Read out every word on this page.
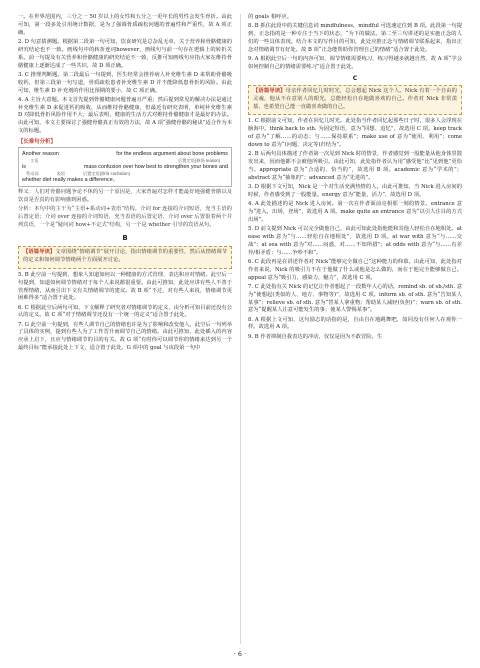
一。在世界范围内，三分之一 50 岁以上的女性和五分之一更年长的男性会发生骨折。由此可知，第一段多处引用统计数据，是为了强调骨质疏松问题的普遍性和严重性，故 A 项正确。

2. D 句意猜测题。根据第二段第一句可知，饮食研究是总杂乱无章，关于营养和骨骼健康的研究结论也不一致。画线句中的转折连词however，画线句与前一句存在逻辑上的转折关系。前一句提及有关营养和骨骼健康的研究结论不一致，反推可知画线句应指大家在维持骨骼健康上逐渐达成了一些共识，故 D 项正确。

3. C 推理判断题。第二段最后一句提到，医生经常会推荐病人补充维生素 D 来帮助骨骼吸收钙，但第三段第一句写道，骨质疏松患者补充维生素 D 并不能降低患骨折的风险。由此可知，维生素 D 补充剂的作用比预期的要小，故 C 项正确。

4. A 主旨大意题。本文首先提到骨骼健康问题普遍且严重；然后提到常见的解决办法是通过补充维生素 D 来促进钙的吸收，从而维持骨骼健康，但最近有研究表明，单纯补充维生素 D 对降低骨折风险作用不大；最后表明，健康的生活方式对维持骨骼健康才是最好的办法。由此可知，本文主要探讨了强健骨骼真正有效的方法，故 A 项“强健骨骼的秘诀”适合作为本文的标题。

【长难句分析】
Another reason	for the endless argument about bone problems
主语	后置定语(修饰 reason)
is	mass confusion over how best to strengthen your bones and
系动词	表语	后置定语(修饰 confusion)
whether diet really makes a difference。

释义：人们对骨骼问题争论不休的另一个原因是，大家普遍对怎样才能最好地强健骨骼以及饮食是否真的有影响感到困惑。

分析：本句中的主干为“主语+系动词+表语”结构。介词 for 连接的介词短语，充当主语的后置定语；介词 over 连接的介词短语，充当表语的后置定语，介词 over 后置很着两个并列宾语，一个是“疑问词 how+不定式”结构，另一个是 whether 引导的宾语从句。

B
【语篇导读】文章围绕“情绪调节”展开讨论，指出情绪调节的重要性，然后从情绪调节的定义和如何调节情绪两个方面展开讨论。

5. B 此空前一句提到，想象人知道如何以一种健康的方式管理、表达和应对情绪。此空后一句提到，知道如何调节情绪对于每个人来说都很重要。由此可推知，此处应讲有些人不善于管理情绪，从而引出下文有关情绪调节的建议。故 B 项“不过，对有些人来说，情绪调节更困难得多”适合置于此处。

6. C 根据此空后两句可知，下文解释了研究者对情绪调节的定义，由分析可知目前还没有公认的定义。故 C 项“对于情绪调节还没有一个统一的定义”适合置于此处。

7. G 此空前一句提到，有些人调节自己的情绪也许是为了影响和改变他人，此空后一句列举了具体的实例，提到有些人为了工作晋升而调节自己的情绪。由此可推知，此处插入的内容应承上启下，且应与情绪调节的目的有关。故 G 项“有时你可以调节你的情绪来达到另一个最终目标”能承接此处上下文，适合置于此处。G 项中的 goal 与该段第一句中

的 goals 相呼应。

8. B 抓住此段中的关键信息词 mindfulness，mindful 可选速定位到 B 项。此段第一句提到，正念指的是一种专注于当下的状态，“为下的做法。第二至三句讲述的是实施正念的人们的一些具体表现。结合本文的写作目的可知，此处应推正念与情绪调节联系起来，指出正念对情绪调节有好处。故 B 项“正念能帮助你管理自己的情绪”适合置于此处。

9. A 根据此空后一句的内容可知，调节情绪需要练习，练习得越多就越自然，故 A 项“学会如何控制自己的情绪需要练习”适合置于此处。

C
【语篇导读】母亲作者回忆儿时时光，总会想起 Nick 这个人。Nick 有着一个自由的灵魂，他从不在意别人的眼光，总能轻松自在地做喜欢的自己。作者对 Nick 非常羡慕，也希望自己能一直做喜欢做的自己。

1. C 根据前文可知，作者在回忆儿时光。此处指当作者回忆起那些日子时，很多人会浮现在脑海中。think back to sth. 为固定短语，意为“回想、追忆”，故选用 C 项。keep track of 意为“了解……的动态；与……保持联系”；make use of 意为“使用、利用”；come down to 意为“(问题、决定等)归结为”。

2. B 后两句具体描述了作者第一次见到 Nick 时的情景，作者感觉到一股能量从他身体里散发出来，因而他都不会被他所吸引。由此可知，此处指作者认为用“感受他”比“见到他”更恰当。appropriate 意为“合适的，恰当的”，故选用 B 项。academic 意为“学术的”；abstract 意为“抽象的”；advanced 意为“先进的”。

3. D 根据下文可知，Nick 是一个对生活充满热情的人。由此可推知，当 Nick 进入房间的时候，作者感受到了一股能量。energy 意为“能量，活力”，故选用 D 项。

4. A 此处描述的是 Nick 进入房间。第一次在作者面前亮相那一刻的情景。entrance 意为“进入，出场，登场”，故选用 A 项。make quite an entrance 意为“以引人注目的方式出场”。

5. D 前文提到 Nick 可以完全做他自己，由此可知此处指他能和其他人轻松自在地相处。at ease with 意为“与……轻松自在地相处”，故选用 D 项。at war with 意为“与……交战”；at sea with 意为“对……闷惑，对……不知所措”；at odds with 意为“与……有差异/相矛盾；与……争吵不和”。

6. C 此段再是在讲述作者对 Nick“能够完全做自己”这种能力的仰慕。由此可知，此处指对作者来说，Nick 的吸引力不在于他做了什么或他是怎么做的，而在于他完全能够做自己。appeal 意为“吸引力，感染力，魅力”，故选用 C 项。

7. C 此处指有关 Nick 的记忆让作者想起了一段数年人心的话。remind sb. of sb./sth. 意为“使想起(类似的人、地方、事物等)”，故选用 C 项。inform sb. of sth. 意为“告知某人某事”；relieve sb. of sth. 意为“替某人拿重物；帮助某人减轻(负担)”；warn sb. of sth. 意为“提醒某人注意可能发生的事；使某人警惕某事”。

8. A 根据上文可知，这句励志的话指的是，自由自在地跳舞吧，如同没有任何人在观你一样。故选用 A 项。

9. B 作者抑制自我表达的冲动，仅仅是因为不敢冒险。生

· 6 ·
